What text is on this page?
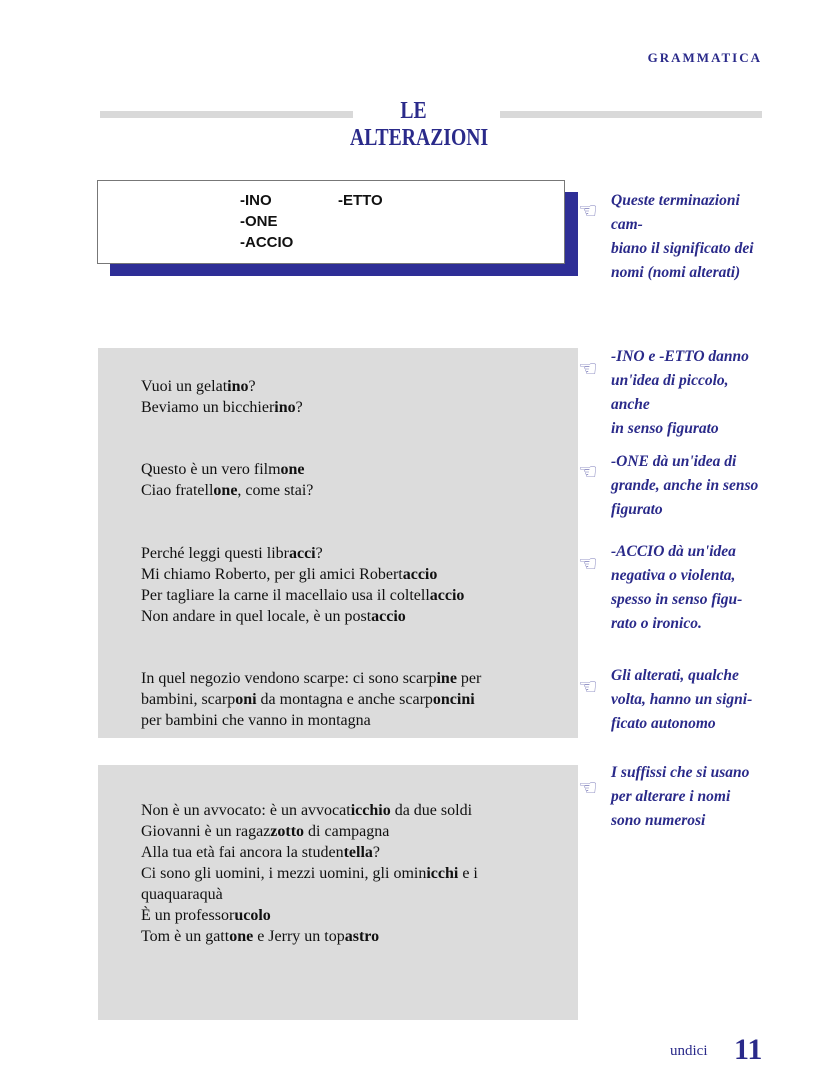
GRAMMATICA
LE ALTERAZIONI
-INO	-ETTO
-ONE
-ACCIO
Vuoi un gelatino?
Beviamo un bicchierino?
Questo è un vero filmone
Ciao fratellone, come stai?
Perché leggi questi libracci?
Mi chiamo Roberto, per gli amici Robertaccio
Per tagliare la carne il macellaio usa il coltellaccio
Non andare in quel locale, è un postaccio
In quel negozio vendono scarpe: ci sono scarpine per
bambini, scarponi da montagna e anche scarponcini
per bambini che vanno in montagna
Non è un avvocato: è un avvocaticchio da due soldi
Giovanni è un ragazzotto di campagna
Alla tua età fai ancora la studentella?
Ci sono gli uomini, i mezzi uomini, gli ominicchi e i
quaquaraquà
È un professorucolo
Tom è un gattone e Jerry un topastro
☜ Queste terminazioni cam-
biano il significato dei
nomi (nomi alterati)
☜ -INO e -ETTO danno
un'idea di piccolo, anche
in senso figurato
☜ -ONE dà un'idea di
grande, anche in senso
figurato
☜ -ACCIO dà un'idea
negativa o violenta,
spesso in senso figu-
rato o ironico.
☜ Gli alterati, qualche
volta, hanno un signi-
ficato autonomo
☜
I suffissi che si usano
per alterare i nomi
sono numerosi
undici 11
